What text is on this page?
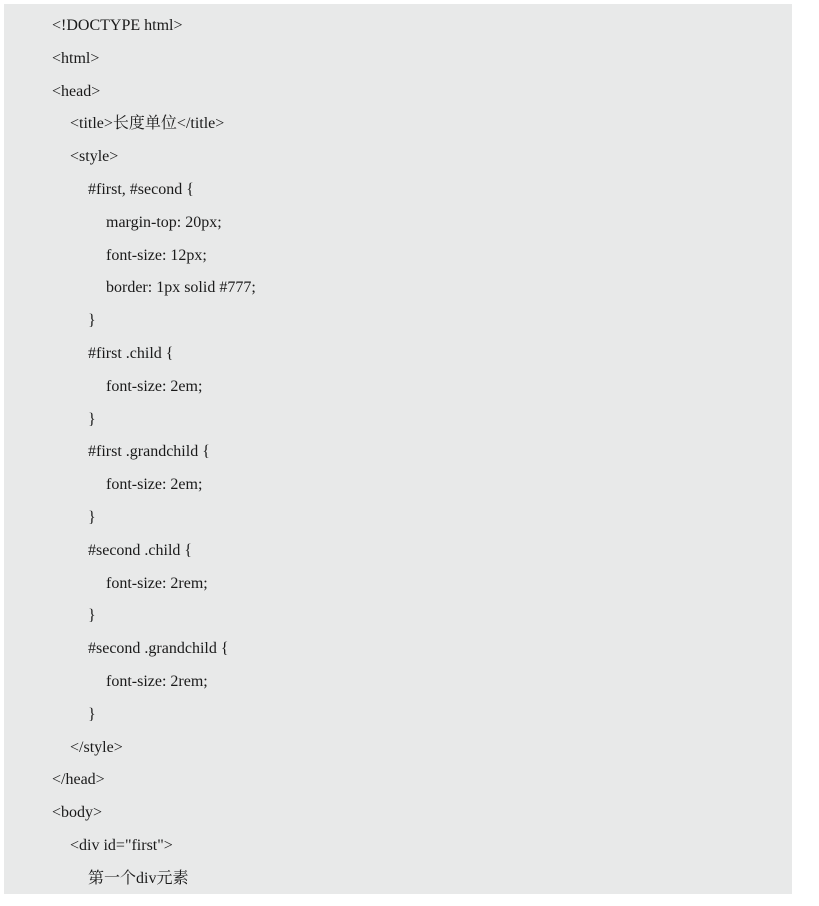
<!DOCTYPE html>
<html>
<head>
<title>长度单位</title>
<style>
#first, #second {
margin-top: 20px;
font-size: 12px;
border: 1px solid #777;
}
#first .child {
font-size: 2em;
}
#first .grandchild {
font-size: 2em;
}
#second .child {
font-size: 2rem;
}
#second .grandchild {
font-size: 2rem;
}
</style>
</head>
<body>
<div id="first">
第一个div元素
